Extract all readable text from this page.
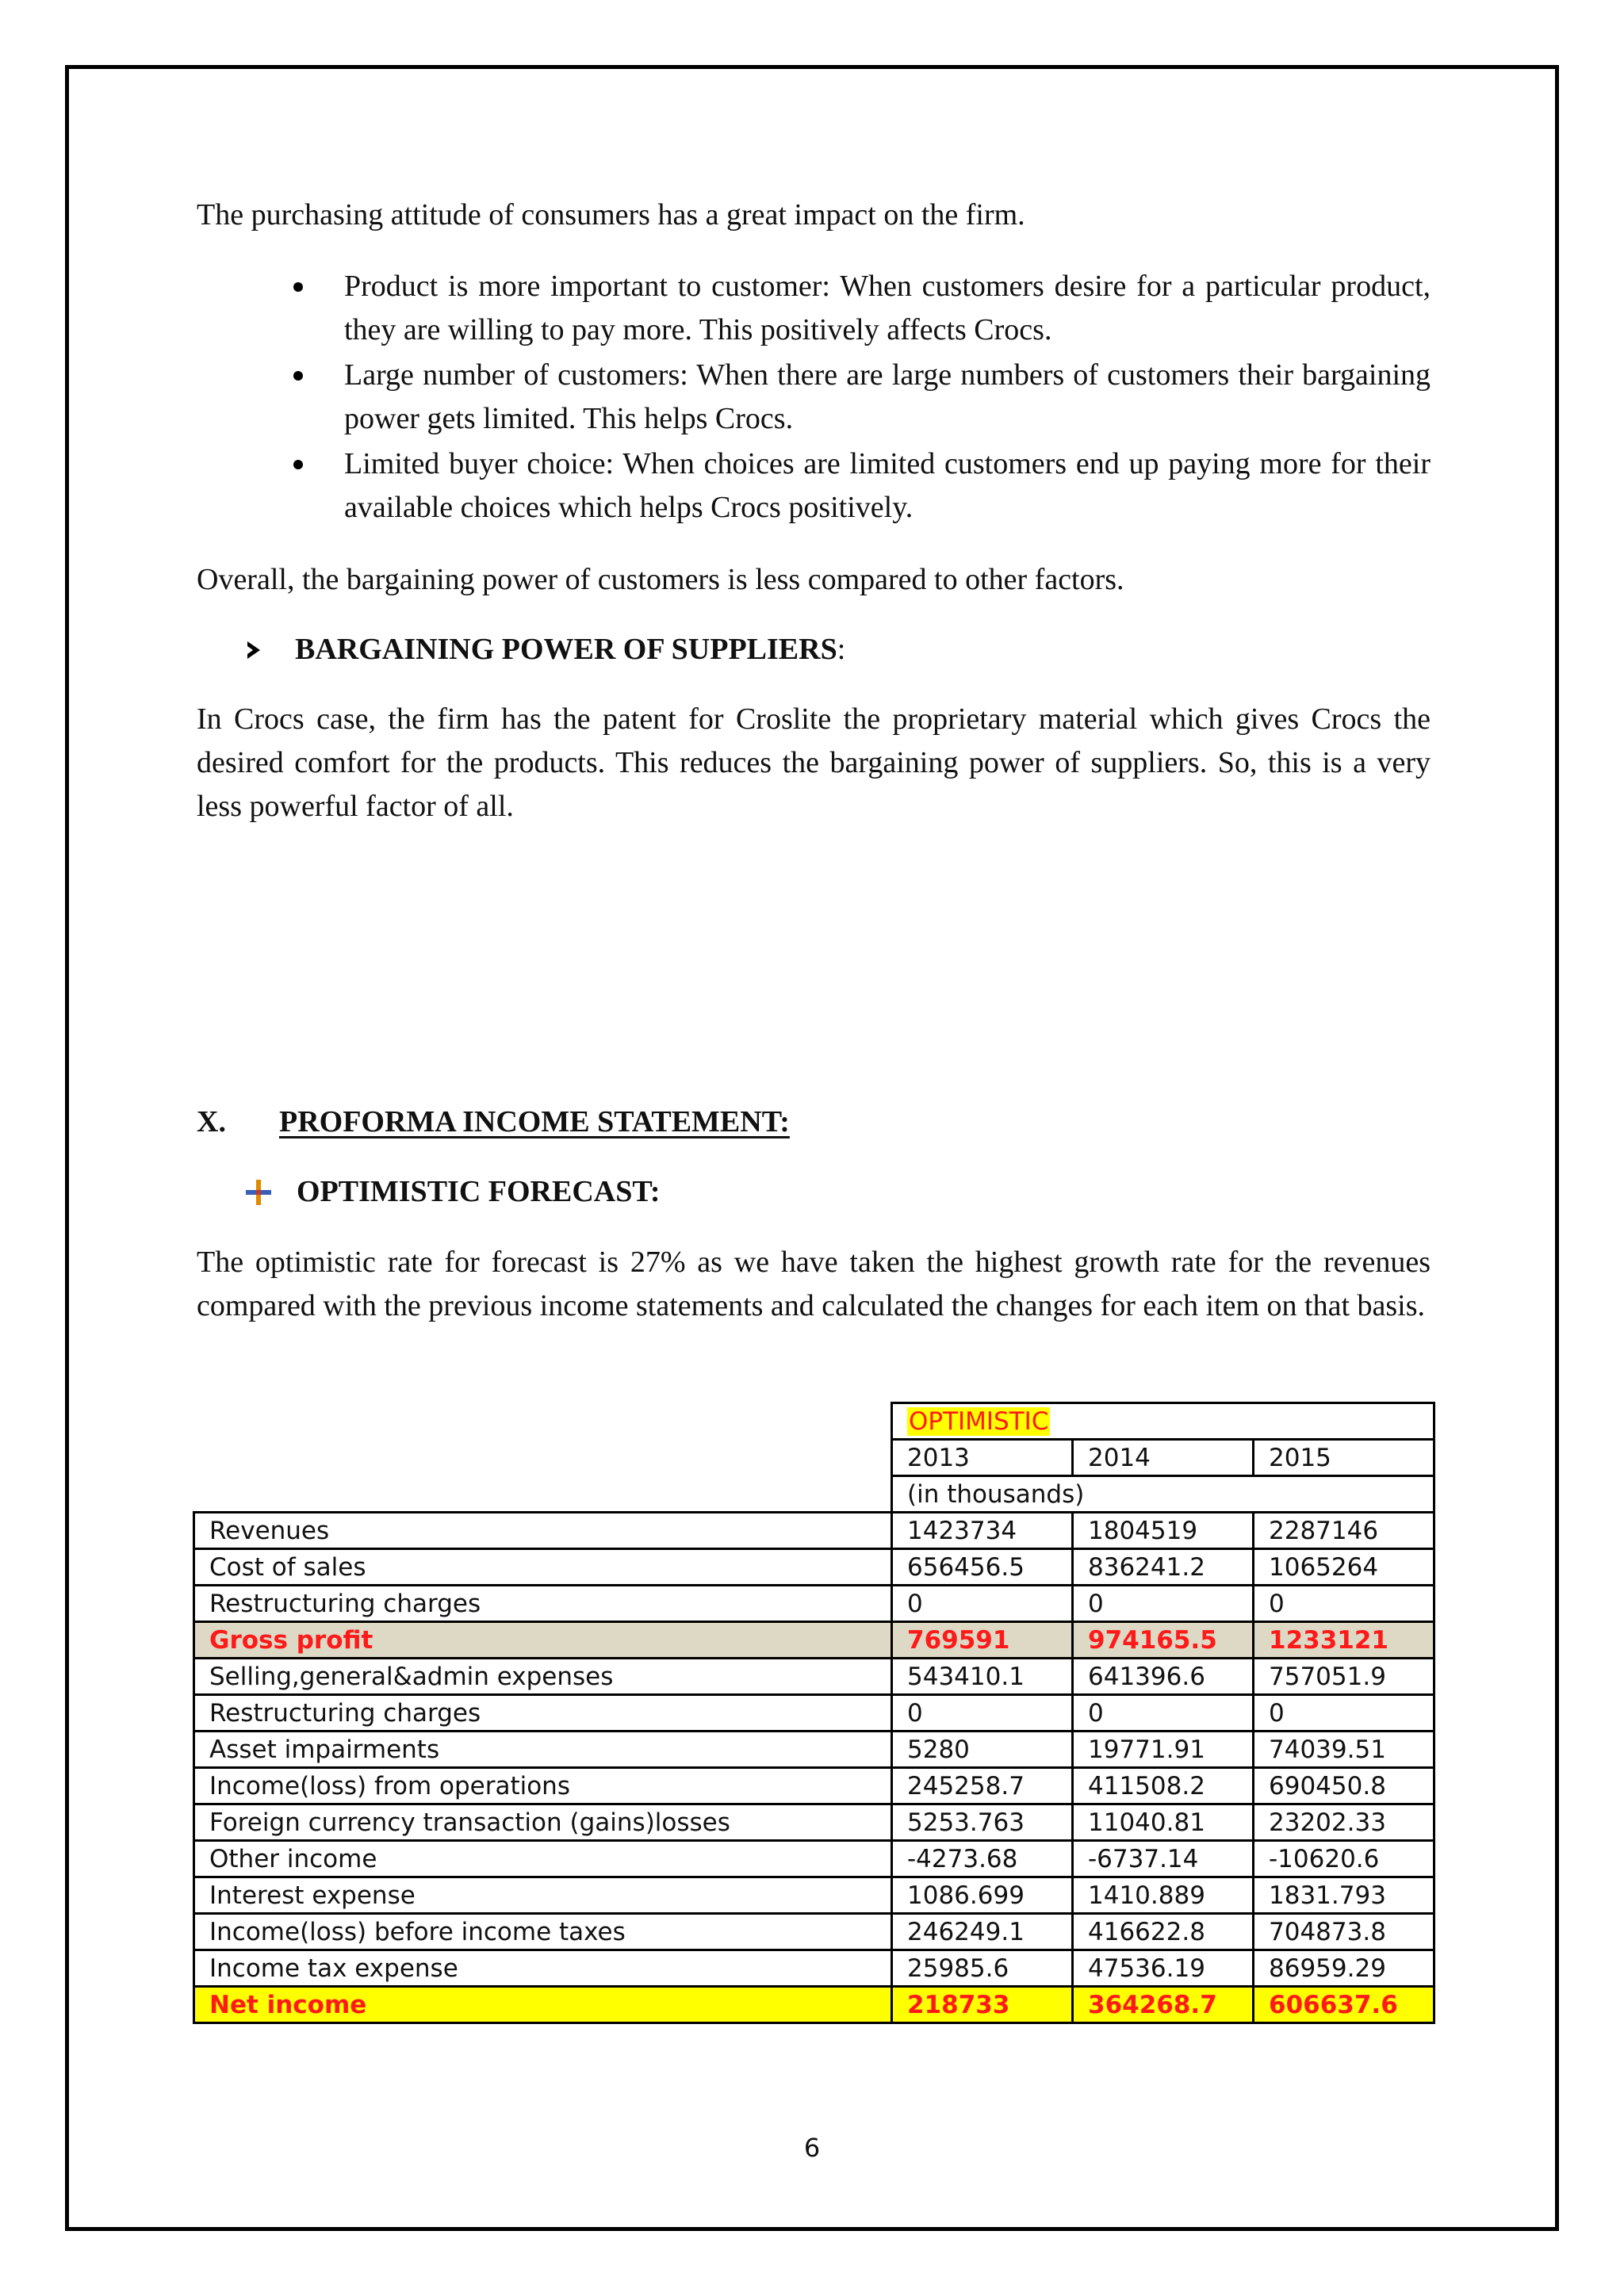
The purchasing attitude of consumers has a great impact on the firm.

Product is more important to customer: When customers desire for a particular product, they are willing to pay more. This positively affects Crocs.
Large number of customers: When there are large numbers of customers their bargaining power gets limited. This helps Crocs.
Limited buyer choice: When choices are limited customers end up paying more for their available choices which helps Crocs positively.

Overall, the bargaining power of customers is less compared to other factors.

BARGAINING POWER OF SUPPLIERS :

In Crocs case, the firm has the patent for Croslite the proprietary material which gives Crocs the desired comfort for the products. This reduces the bargaining power of suppliers. So, this is a very less powerful factor of all.

X. PROFORMA INCOME STATEMENT:
OPTIMISTIC FORECAST:

The optimistic rate for forecast is 27% as we have taken the highest growth rate for the revenues compared with the previous income statements and calculated the changes for each item on that basis.

	OPTIMISTIC		
	2013	2014	2015
	(in thousands)		
Revenues	1423734	1804519	2287146
Cost of sales	656456.5	836241.2	1065264
Restructuring charges	0	0	0
Gross profit	769591	974165.5	1233121
Selling,general&admin expenses	543410.1	641396.6	757051.9
Restructuring charges	0	0	0
Asset impairments	5280	19771.91	74039.51
Income(loss) from operations	245258.7	411508.2	690450.8
Foreign currency transaction (gains)losses	5253.763	11040.81	23202.33
Other income	-4273.68	-6737.14	-10620.6
Interest expense	1086.699	1410.889	1831.793
Income(loss) before income taxes	246249.1	416622.8	704873.8
Income tax expense	25985.6	47536.19	86959.29
Net income	218733	364268.7	606637.6
6
